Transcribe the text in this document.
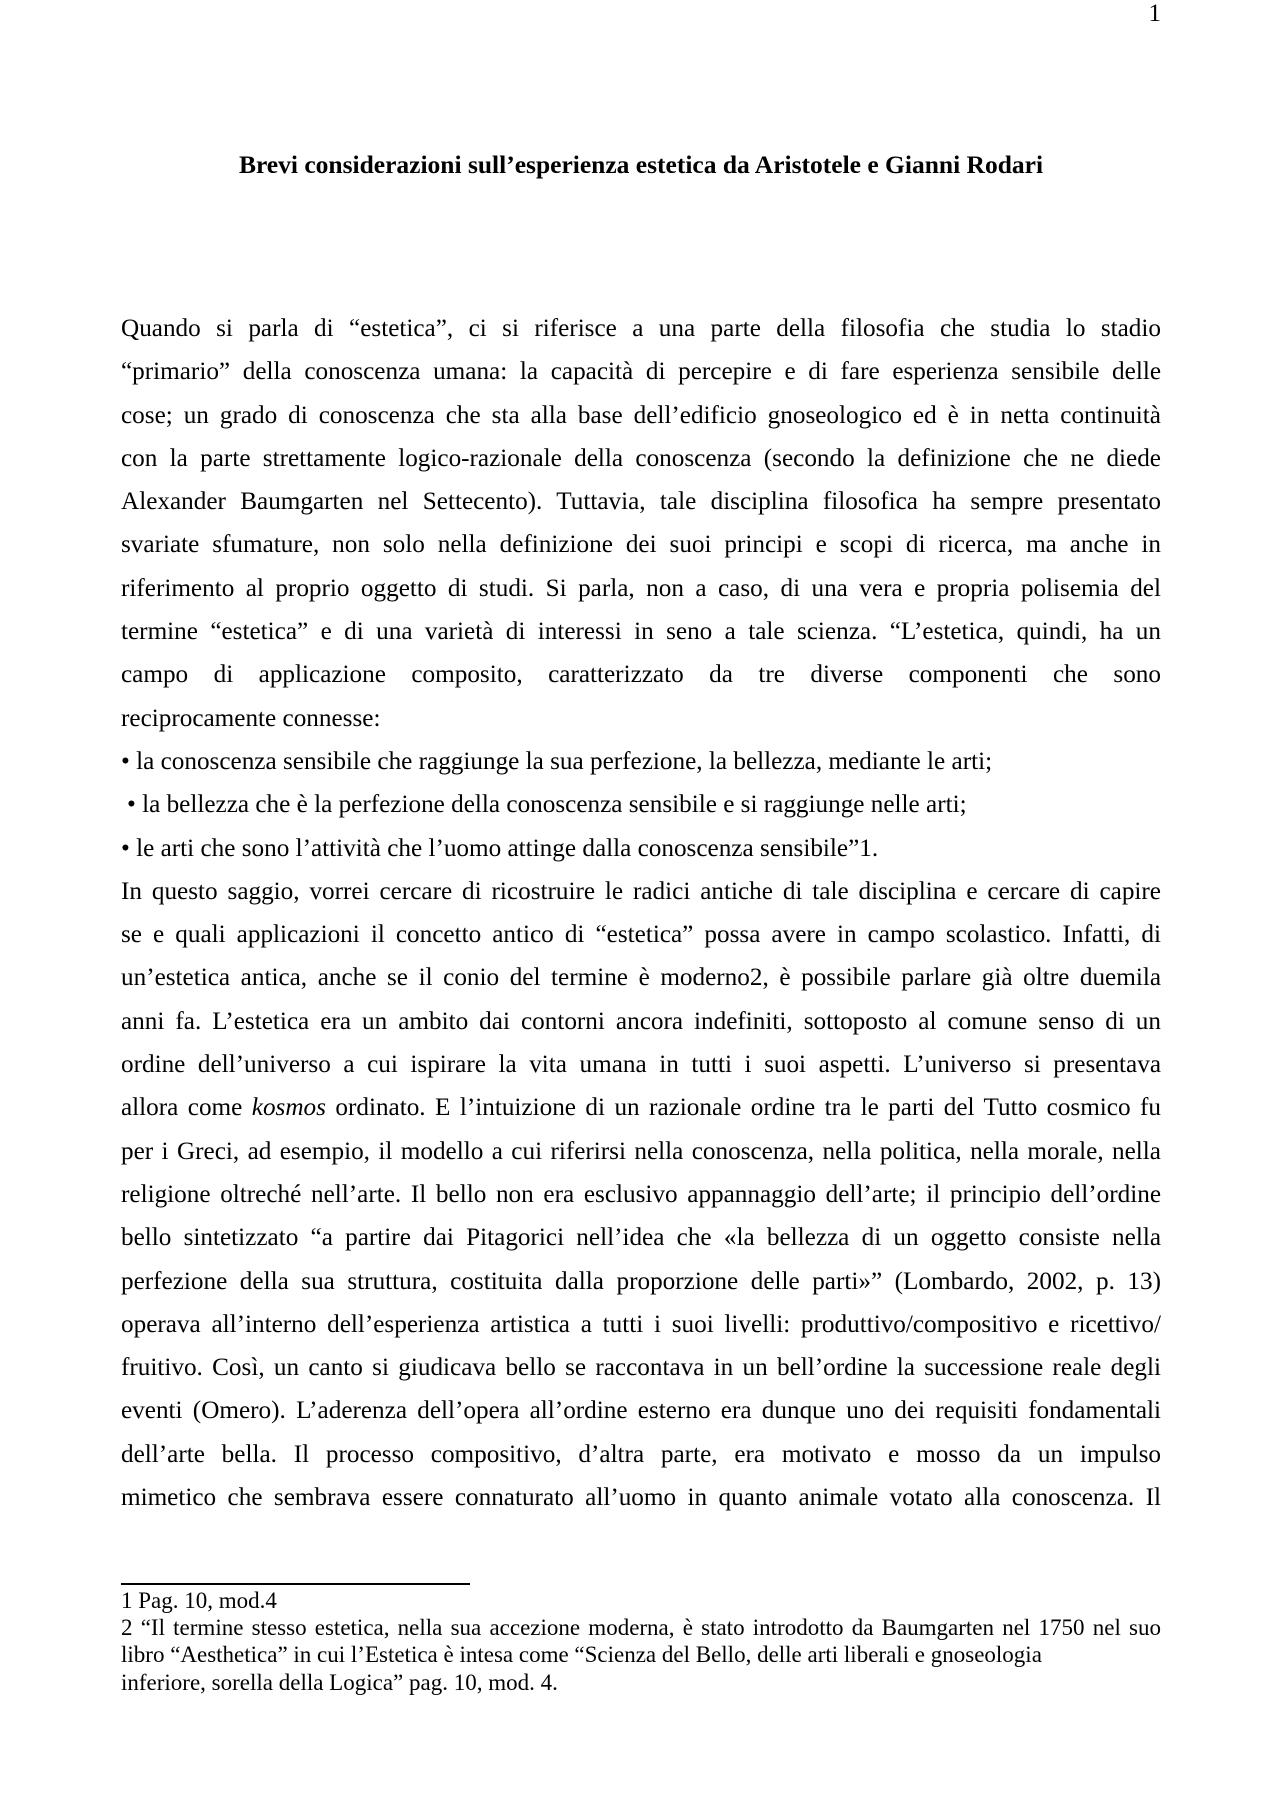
1
Brevi considerazioni sull’esperienza estetica da Aristotele e Gianni Rodari
Quando si parla di “estetica”, ci si riferisce a una parte della filosofia che studia lo stadio
“primario” della conoscenza umana: la capacità di percepire e di fare esperienza sensibile delle
cose; un grado di conoscenza che sta alla base dell’edificio gnoseologico ed è in netta continuità
con la parte strettamente logico-razionale della conoscenza (secondo la definizione che ne diede
Alexander Baumgarten nel Settecento). Tuttavia, tale disciplina filosofica ha sempre presentato
svariate sfumature, non solo nella definizione dei suoi principi e scopi di ricerca, ma anche in
riferimento al proprio oggetto di studi. Si parla, non a caso, di una vera e propria polisemia del
termine “estetica” e di una varietà di interessi in seno a tale scienza. “L’estetica, quindi, ha un
campo di applicazione composito, caratterizzato da tre diverse componenti che sono
reciprocamente connesse:
• la conoscenza sensibile che raggiunge la sua perfezione, la bellezza, mediante le arti;
• la bellezza che è la perfezione della conoscenza sensibile e si raggiunge nelle arti;
• le arti che sono l’attività che l’uomo attinge dalla conoscenza sensibile”1.
In questo saggio, vorrei cercare di ricostruire le radici antiche di tale disciplina e cercare di capire
se e quali applicazioni il concetto antico di “estetica” possa avere in campo scolastico. Infatti, di
un’estetica antica, anche se il conio del termine è moderno2, è possibile parlare già oltre duemila
anni fa. L’estetica era un ambito dai contorni ancora indefiniti, sottoposto al comune senso di un
ordine dell’universo a cui ispirare la vita umana in tutti i suoi aspetti. L’universo si presentava
allora come kosmos ordinato. E l’intuizione di un razionale ordine tra le parti del Tutto cosmico fu
per i Greci, ad esempio, il modello a cui riferirsi nella conoscenza, nella politica, nella morale, nella
religione oltreché nell’arte. Il bello non era esclusivo appannaggio dell’arte; il principio dell’ordine
bello sintetizzato “a partire dai Pitagorici nell’idea che «la bellezza di un oggetto consiste nella
perfezione della sua struttura, costituita dalla proporzione delle parti»” (Lombardo, 2002, p. 13)
operava all’interno dell’esperienza artistica a tutti i suoi livelli: produttivo/compositivo e ricettivo/
fruitivo. Così, un canto si giudicava bello se raccontava in un bell’ordine la successione reale degli
eventi (Omero). L’aderenza dell’opera all’ordine esterno era dunque uno dei requisiti fondamentali
dell’arte bella. Il processo compositivo, d’altra parte, era motivato e mosso da un impulso
mimetico che sembrava essere connaturato all’uomo in quanto animale votato alla conoscenza. Il
1 Pag. 10, mod.4
2 “Il termine stesso estetica, nella sua accezione moderna, è stato introdotto da Baumgarten nel 1750 nel suo
libro “Aesthetica” in cui l’Estetica è intesa come “Scienza del Bello, delle arti liberali e gnoseologia
inferiore, sorella della Logica” pag. 10, mod. 4.
